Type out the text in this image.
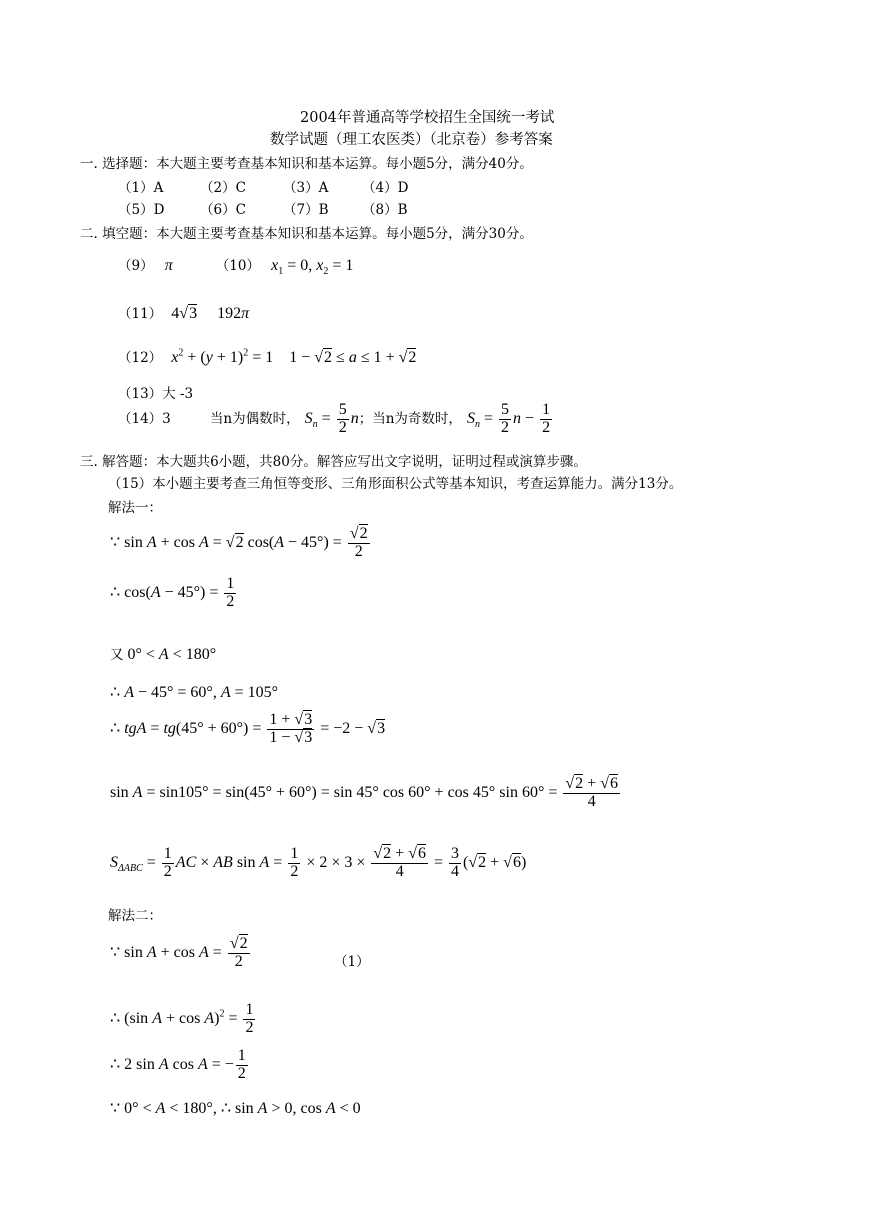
2004年普通高等学校招生全国统一考试
数学试题（理工农医类）（北京卷）参考答案
一. 选择题：本大题主要考查基本知识和基本运算。每小题5分，满分40分。
（1）A	（2）C	（3）A （4）D
（5）D	（6）C	（7）B （8）B
二. 填空题：本大题主要考查基本知识和基本运算。每小题5分，满分30分。
（9） π	（10） $x_1 = 0$, $x_2 = 1$
（11） 4√3     192π
（12） $x^2 + (y + 1)^2 = 1$    1 − √2 ≤ a ≤ 1 + √2
（13）大 -3
（14）3	当n为偶数时， $S_n = \frac{5}{2}$ n；当n为奇数时， $S_n = \frac{5}{2}$ $n - \frac{1}{2}$
三. 解答题：本大题共6小题，共80分。解答应写出文字说明，证明过程或演算步骤。
（15）本小题主要考查三角恒等变形、三角形面积公式等基本知识，考查运算能力。满分13分。
解法一：
∵ sin A + cos A = √2 $\cos(A - 45^\circ) = \frac{√2}{2}$
∴ $\cos(A - 45^\circ) = \frac{1}{2}$
又 0° < A < 180°
∴ A − 45° = 60°, A = 105°
∴ tgA = $tg(45^\circ + 60^\circ) = \frac{1 + √3}{1 - √3} = -2 - √3$
sin A = sin105° = sin(45° + 60°) = sin 45° cos 60° + cos 45° $\sin 60^\circ = \frac{√2 + √6}{4}$
$S_{\Delta ABC} = \frac{1}{2}$ AC × AB $\sin A = \frac{1}{2} \times 2 \times 3 \times \frac{√2 + √6}{4} = \frac{3}{4} (√2 + √6)$
解法二：
∵ $\sin A + \cos A = \frac{√2}{2}$	（1）
∴ (sin $A + \cos A)^2 = \frac{1}{2}$
∴ 2 sin A cos A = − $\frac{1}{2}$
∵ 0° < A < 180°, ∴ sin A > 0, cos A < 0
